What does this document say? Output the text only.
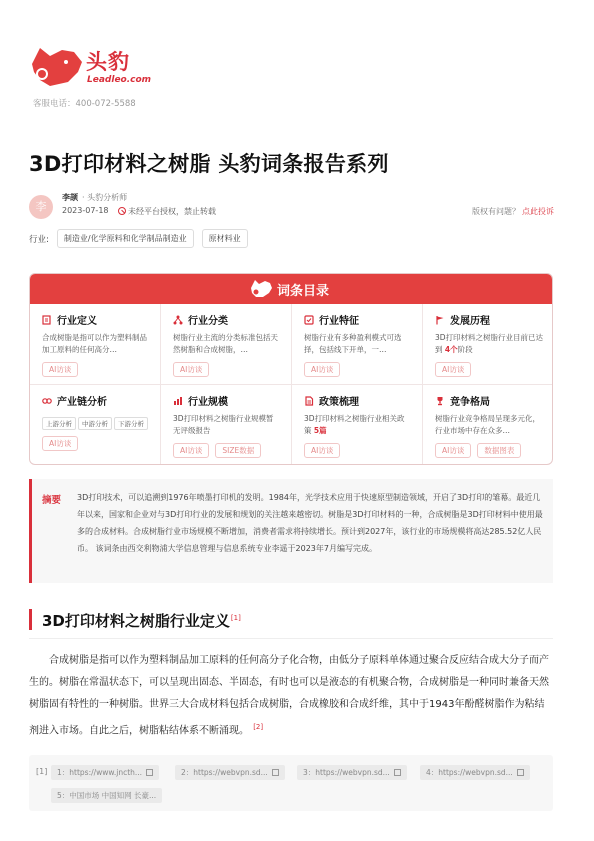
头豹
Leadleo.com
客服电话：400-072-5588
3D打印材料之树脂 头豹词条报告系列
李
李颉 · 头豹分析师
2023-07-18	未经平台授权，禁止转载	版权有问题？ 点此投诉
行业:	制造业/化学原料和化学制品制造业	原材料业
词条目录
行业定义
合成树脂是指可以作为塑料制品加工原料的任何高分…
AI访谈
行业分类
树脂行业主流的分类标准包括天然树脂和合成树脂，…
AI访谈
行业特征
树脂行业有多种盈利模式可选择，包括线下开单，一…
AI访谈
发展历程
3D打印材料之树脂行业目前已达到 4个阶段
AI访谈
产业链分析
上游分析 中游分析 下游分析
AI访谈
行业规模
3D打印材料之树脂行业规模暂无评级报告
AI访谈	SIZE数据
政策梳理
3D打印材料之树脂行业相关政策 5篇
AI访谈
竞争格局
树脂行业竞争格局呈现多元化，行业市场中存在众多…
AI访谈	数据图表
摘要 3D打印技术，可以追溯到1976年喷墨打印机的发明。1984年，光学技术应用于快速原型制造领域，开启了3D打印的雏幕。最近几年以来，国家和企业对与3D打印行业的发展和规划的关注越来越密切。树脂是3D打印材料的一种，合成树脂是3D打印材料中使用最多的合成材料。合成树脂行业市场规模不断增加，消费者需求将持续增长。预计到2027年，该行业的市场规模将高达285.52亿人民币。 该词条由西交利物浦大学信息管理与信息系统专业李遥于2023年7月编写完成。
3D打印材料之树脂行业定义[1]
合成树脂是指可以作为塑料制品加工原料的任何高分子化合物，由低分子原料单体通过聚合反应结合成大分子而产生的。树脂在常温状态下，可以呈现出固态、半固态，有时也可以是液态的有机聚合物，合成树脂是一种同时兼备天然树脂固有特性的一种树脂。世界三大合成材料包括合成树脂，合成橡胶和合成纤维，其中于1943年酚醛树脂作为粘结剂进入市场。自此之后，树脂粘结体系不断涌现。 [2]
[1]	1：https://www.jncth...	2：https://webvpn.sd...	3：https://webvpn.sd...	4：https://webvpn.sd...
5：中国市场 中国知网 长豪...
